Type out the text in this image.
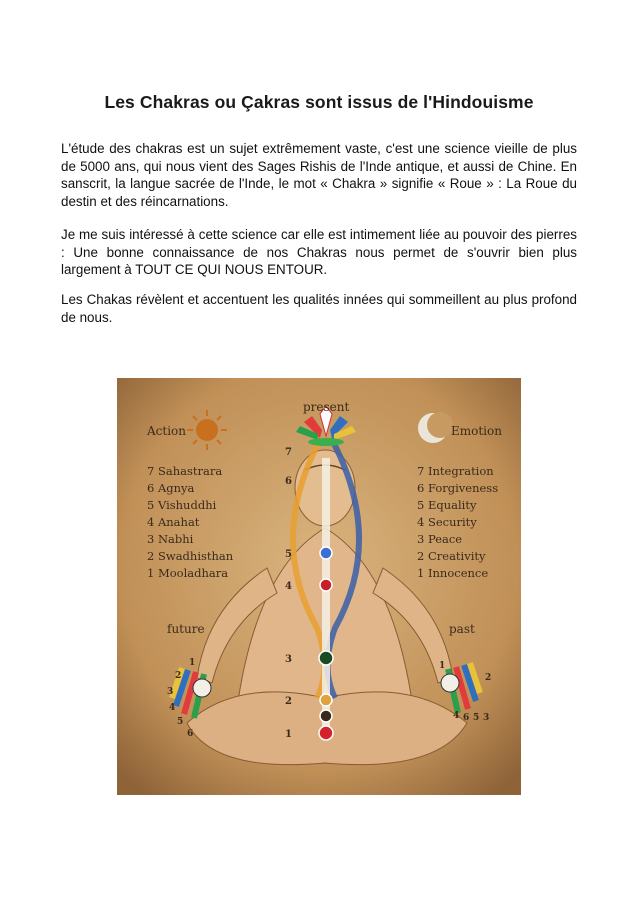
Les Chakras ou Çakras sont issus de l'Hindouisme

L'étude des chakras est un sujet extrêmement vaste, c'est une science vieille de plus de 5000 ans, qui nous vient des Sages Rishis de l'Inde antique, et aussi de Chine. En sanscrit, la langue sacrée de l'Inde, le mot « Chakra » signifie « Roue » : La Roue du destin et des réincarnations.

Je me suis intéressé à cette science car elle est intimement liée au pouvoir des pierres : Une bonne connaissance de nos Chakras nous permet de s'ouvrir bien plus largement à TOUT CE QUI NOUS ENTOUR.

Les Chakas révèlent et accentuent les qualités innées qui sommeillent au plus profond de nous.

present
Action	Emotion
7 Sahastrara
6 Agnya
5 Vishuddhi
4 Anahat
3 Nabhi
2 Swadhisthan
1 Mooladhara
7 Integration
6 Forgiveness
5 Equality
4 Security
3 Peace
2 Creativity
1 Innocence
7
6
5
4
3
2
1
1
2
3
4
5
6
1
2
4 6 5 3
future	past
